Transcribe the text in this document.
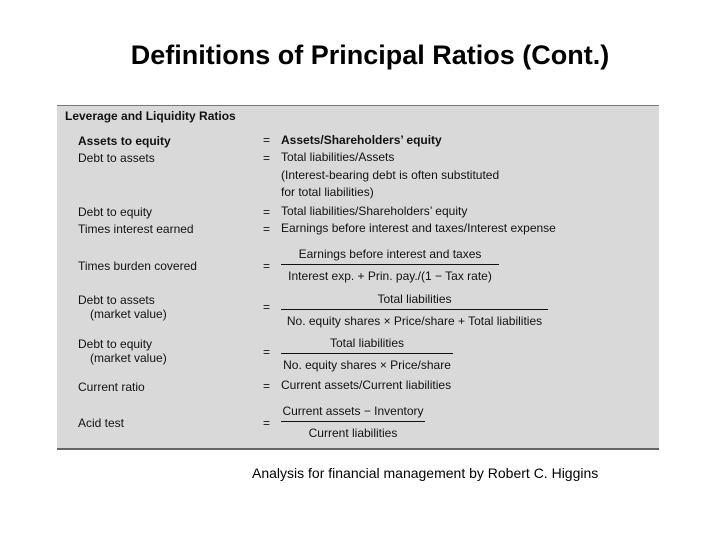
Definitions of Principal Ratios (Cont.)
Leverage and Liquidity Ratios
Assets to equity	= Assets/Shareholders’ equity
Debt to assets	= Total liabilities/Assets
(Interest-bearing debt is often substituted
for total liabilities)
Debt to equity	= Total liabilities/Shareholders’ equity
Times interest earned	= Earnings before interest and taxes/Interest expense
Times burden covered	=
Earnings before interest and taxes
Interest exp. + Prin. pay./(1 − Tax rate)
Debt to assets
(market value)	=
Total liabilities
No. equity shares × Price/share + Total liabilities
Debt to equity
(market value)	=
Total liabilities
No. equity shares × Price/share
Current ratio	= Current assets/Current liabilities
Acid test	=
Current assets − Inventory
Current liabilities
Analysis for financial management by Robert C. Higgins
